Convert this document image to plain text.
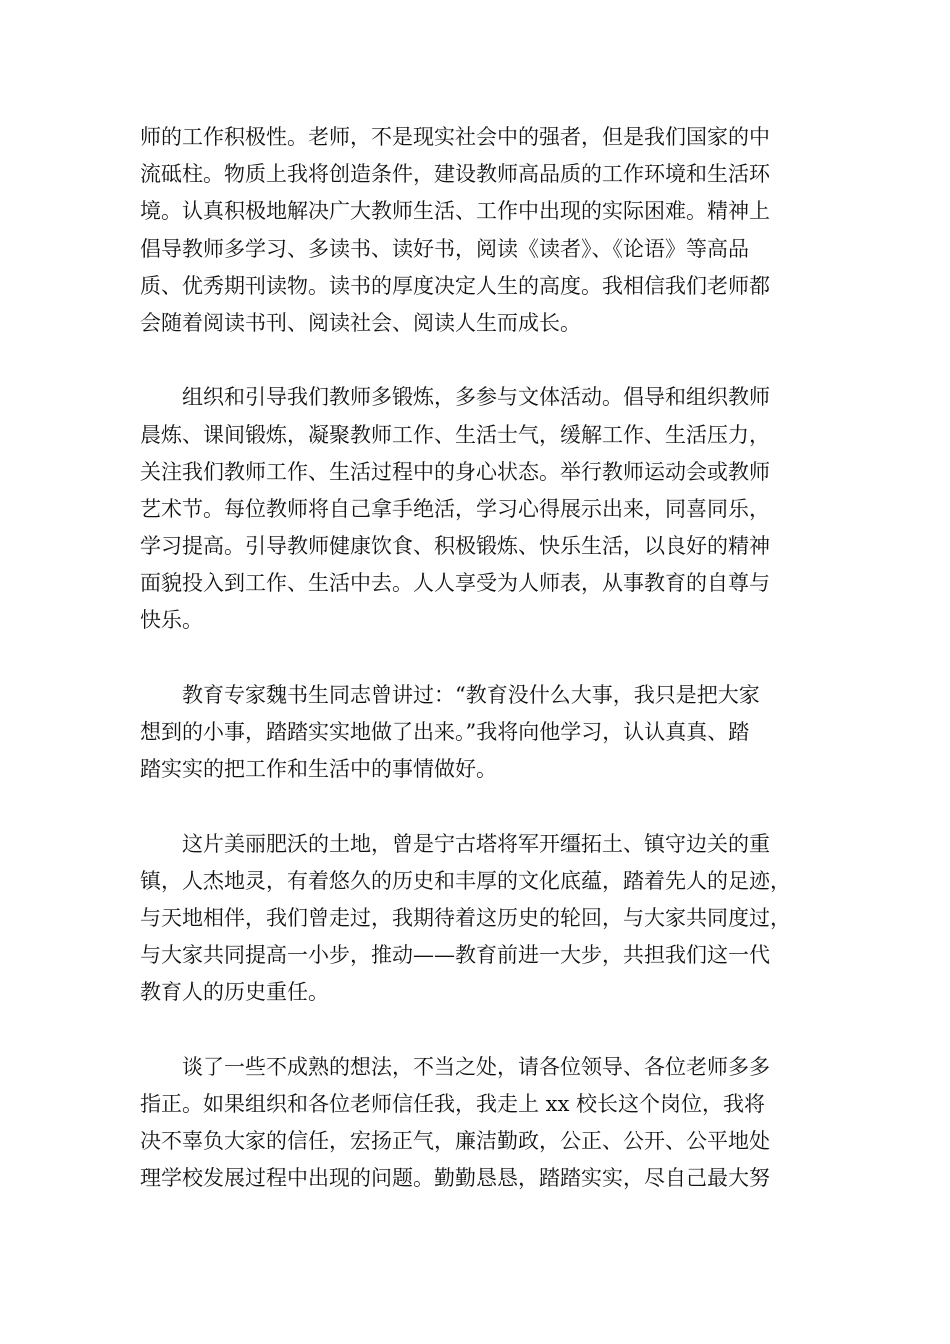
师的工作积极性。老师，不是现实社会中的强者，但是我们国家的中
流砥柱。物质上我将创造条件，建设教师高品质的工作环境和生活环
境。认真积极地解决广大教师生活、工作中出现的实际困难。精神上
倡导教师多学习、多读书、读好书，阅读《读者》、《论语》等高品
质、优秀期刊读物。读书的厚度决定人生的高度。我相信我们老师都
会随着阅读书刊、阅读社会、阅读人生而成长。
组织和引导我们教师多锻炼，多参与文体活动。倡导和组织教师
晨炼、课间锻炼，凝聚教师工作、生活士气，缓解工作、生活压力，
关注我们教师工作、生活过程中的身心状态。举行教师运动会或教师
艺术节。每位教师将自己拿手绝活，学习心得展示出来，同喜同乐，
学习提高。引导教师健康饮食、积极锻炼、快乐生活，以良好的精神
面貌投入到工作、生活中去。人人享受为人师表，从事教育的自尊与
快乐。
教育专家魏书生同志曾讲过：“教育没什么大事，我只是把大家
想到的小事，踏踏实实地做了出来。”我将向他学习，认认真真、踏
踏实实的把工作和生活中的事情做好。
这片美丽肥沃的土地，曾是宁古塔将军开缰拓土、镇守边关的重
镇，人杰地灵，有着悠久的历史和丰厚的文化底蕴，踏着先人的足迹，
与天地相伴，我们曾走过，我期待着这历史的轮回，与大家共同度过，
与大家共同提高一小步，推动——教育前进一大步，共担我们这一代
教育人的历史重任。
谈了一些不成熟的想法，不当之处，请各位领导、各位老师多多
指正。如果组织和各位老师信任我，我走上 xx 校长这个岗位，我将
决不辜负大家的信任，宏扬正气，廉洁勤政，公正、公开、公平地处
理学校发展过程中出现的问题。勤勤恳恳，踏踏实实，尽自己最大努
